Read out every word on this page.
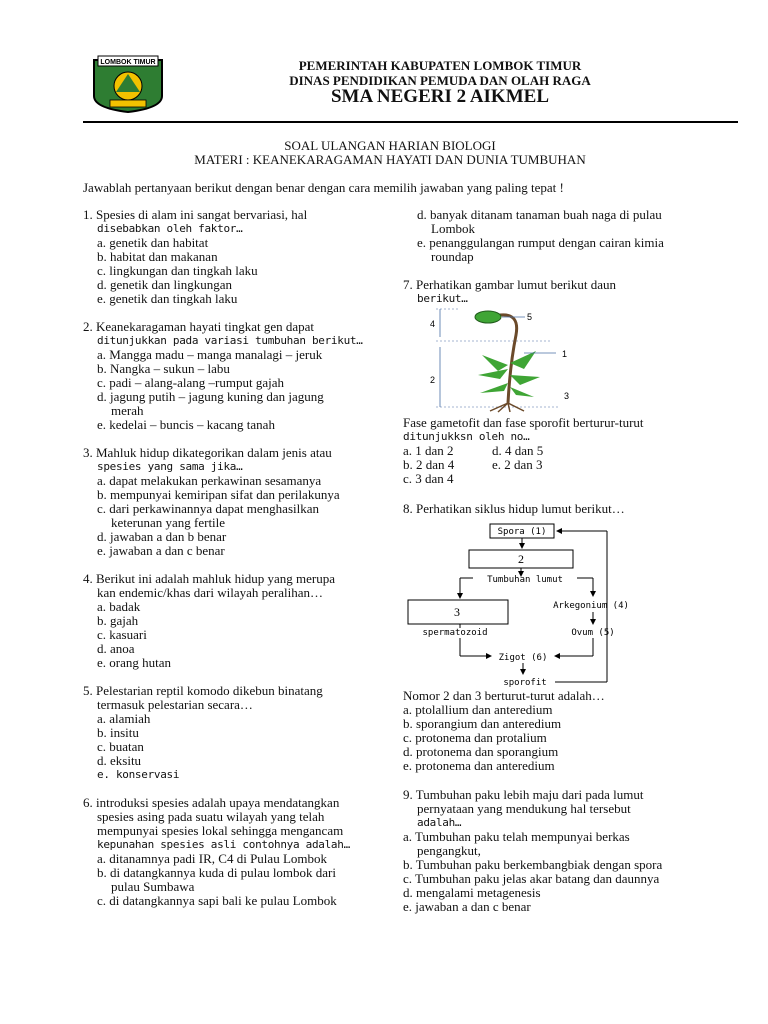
LOMBOK TIMUR	PEMERINTAH KABUPATEN LOMBOK TIMUR
DINAS PENDIDIKAN PEMUDA DAN OLAH RAGA
SMA NEGERI 2 AIKMEL
SOAL ULANGAN HARIAN BIOLOGI
MATERI : KEANEKARAGAMAN HAYATI DAN DUNIA TUMBUHAN
Jawablah pertanyaan berikut dengan benar dengan cara memilih jawaban yang paling tepat !
1. Spesies di alam ini sangat bervariasi, hal
disebabkan oleh faktor…
a. genetik dan habitat
b. habitat dan makanan
c. lingkungan dan tingkah laku
d. genetik dan lingkungan
e. genetik dan tingkah laku
2. Keanekaragaman hayati tingkat gen dapat
ditunjukkan pada variasi tumbuhan berikut…
a. Mangga madu – manga manalagi – jeruk
b. Nangka – sukun – labu
c. padi – alang-alang –rumput gajah
d. jagung putih – jagung kuning dan jagung
merah
e. kedelai – buncis – kacang tanah
3. Mahluk hidup dikategorikan dalam jenis atau
spesies yang sama jika…
a. dapat melakukan perkawinan sesamanya
b. mempunyai kemiripan sifat dan perilakunya
c. dari perkawinannya dapat menghasilkan
keterunan yang fertile
d. jawaban a dan b benar
e. jawaban a dan c benar
4. Berikut ini adalah mahluk hidup yang merupa
kan endemic/khas dari wilayah peralihan…
a. badak
b. gajah
c. kasuari
d. anoa
e. orang hutan
5. Pelestarian reptil komodo dikebun binatang
termasuk pelestarian secara…
a. alamiah
b. insitu
c. buatan
d. eksitu
e. konservasi
6. introduksi spesies adalah upaya mendatangkan
spesies asing pada suatu wilayah yang telah
mempunyai spesies lokal sehingga mengancam
kepunahan spesies asli contohnya adalah…
a. ditanamnya padi IR, C4 di Pulau Lombok
b. di datangkannya kuda di pulau lombok dari
pulau Sumbawa
c. di datangkannya sapi bali ke pulau Lombok
d. banyak ditanam tanaman buah naga di pulau
Lombok
e. penanggulangan rumput dengan cairan kimia
roundap
7. Perhatikan gambar lumut berikut daun
berikut…
4
2
5
1
3
Fase gametofit dan fase sporofit berturur-turut
ditunjukksn oleh no…
a. 1 dan 2	d. 4 dan 5
b. 2 dan 4	e. 2 dan 3
c. 3 dan 4
8. Perhatikan siklus hidup lumut berikut…
Spora (1)
2
Tumbuhan lumut
3	Arkegonium (4)
spermatozoid	Ovum (5)
Zigot (6)
sporofit
Nomor 2 dan 3 berturut-turut adalah…
a. ptolallium dan anteredium
b. sporangium dan anteredium
c. protonema dan protalium
d. protonema dan sporangium
e. protonema dan anteredium
9. Tumbuhan paku lebih maju dari pada lumut
pernyataan yang mendukung hal tersebut
adalah…
a. Tumbuhan paku telah mempunyai berkas
pengangkut,
b. Tumbuhan paku berkembangbiak dengan spora
c. Tumbuhan paku jelas akar batang dan daunnya
d. mengalami metagenesis
e. jawaban a dan c benar
